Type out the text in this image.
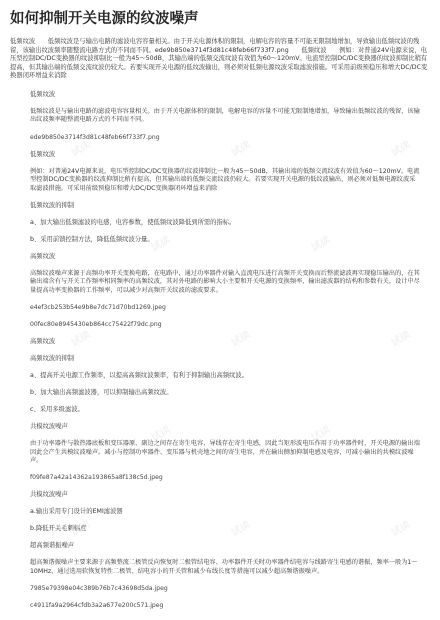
如何抑制开关电源的纹波噪声
低频纹波　　低频纹波是与输出电路的滤波电容容量相关。由于开关电源体积的限制，电解电容的容量不可能无限制地增加，导致输出低频纹波的残留，该输出纹波频率随整流电路方式的不同而不同。ede9b850e3714f3d81c48feb66f733f7.png　　低频纹波　　例如：对普通24V电源来说，电压型控制DC/DC变换器的纹波抑制比一般为45～50dB，其输出端的低频交流纹波有效值为60～120mV。电流型控制DC/DC变换器的纹波抑制比稍有提高，但其输出端的低频交流纹波仍较大。若要实现开关电源的低纹波输出，则必须对低频电源纹波采取滤波措施。可采用前级预稳压和增大DC/DC变换器闭环增益来消除
低频纹波
低频纹波是与输出电路的滤波电容容量相关。由于开关电源体积的限制，电解电容的容量不可能无限制地增加，导致输出低频纹波的残留，该输出纹波频率随整流电路方式的不同而不同。
ede9b850e3714f3d81c48feb66f733f7.png
低频纹波
例如：对普通24V电源来说，电压型控制DC/DC变换器的纹波抑制比一般为45～50dB，其输出端的低频交流纹波有效值为60～120mV。电流型控制DC/DC变换器的纹波抑制比稍有提高，但其输出端的低频交流纹波仍较大。若要实现开关电源的低纹波输出，则必须对低频电源纹波采取滤波措施。可采用前级预稳压和增大DC/DC变换器闭环增益来消除
低频纹波的抑制
a、加大输出低频滤波的电感，电容参数，使低频纹波降低到所需的指标。
b、采用前馈控制方法，降低低频纹波分量。
高频纹波
高频纹波噪声来源于高频功率开关变换电路，在电路中，通过功率器件对输入直流电压进行高频开关变换而后整流滤波再实现稳压输出的，在其输出端含有与开关工作频率相同频率的高频纹波，其对外电路的影响大小主要和开关电源的变换频率、输出滤波器的结构和参数有关，设计中尽量提高功率变换器的工作频率，可以减少对高频开关纹波的滤波要求。
e4ef3cb253b54e9b8e7dc71d70bd1269.jpeg
00fec80e8945430eb864cc75422f79dc.png
高频纹波
高频纹波的抑制
a、提高开关电源工作频率，以提高高频纹波频率，有利于抑制输出高频纹波。
b、加大输出高频滤波器，可以抑制输出高频纹波。
c、采用多级滤波。
共模纹波噪声
由于功率器件与散热器底板和变压器原、副边之间存在寄生电容，导线存在寄生电感，因此当矩形波电压作用于功率器件时，开关电源的输出端因此会产生共模纹波噪声。减小与控制功率器件、变压器与机壳地之间的寄生电容，并在输出侧加抑制电感及电容，可减小输出的共模纹波噪声。
f09fe87a42a14362a193865a8f138c5d.jpeg
共模纹波噪声
a.输出采用专门设计的EMI滤波器
b.降低开关毛刺幅度
超高频谐振噪声
超高频谐振噪声主要来源于高频整流二极管反向恢复时二极管结电容、功率器件开关时功率器件结电容与线路寄生电感的谐振，频率一般为1～10MHz，通过选用软恢复特性二极管、结电容小的开关管和减少布线长度等措施可以减少超高频谐振噪声。
7985e79398e04c389b76b7c43698d5da.jpeg
c4911fa9a2964cfdb3a2a677e200c571.jpeg
试读	试读	试读
试读	试读	试读
试读	试读	试读
试读	试读
试读	试读
